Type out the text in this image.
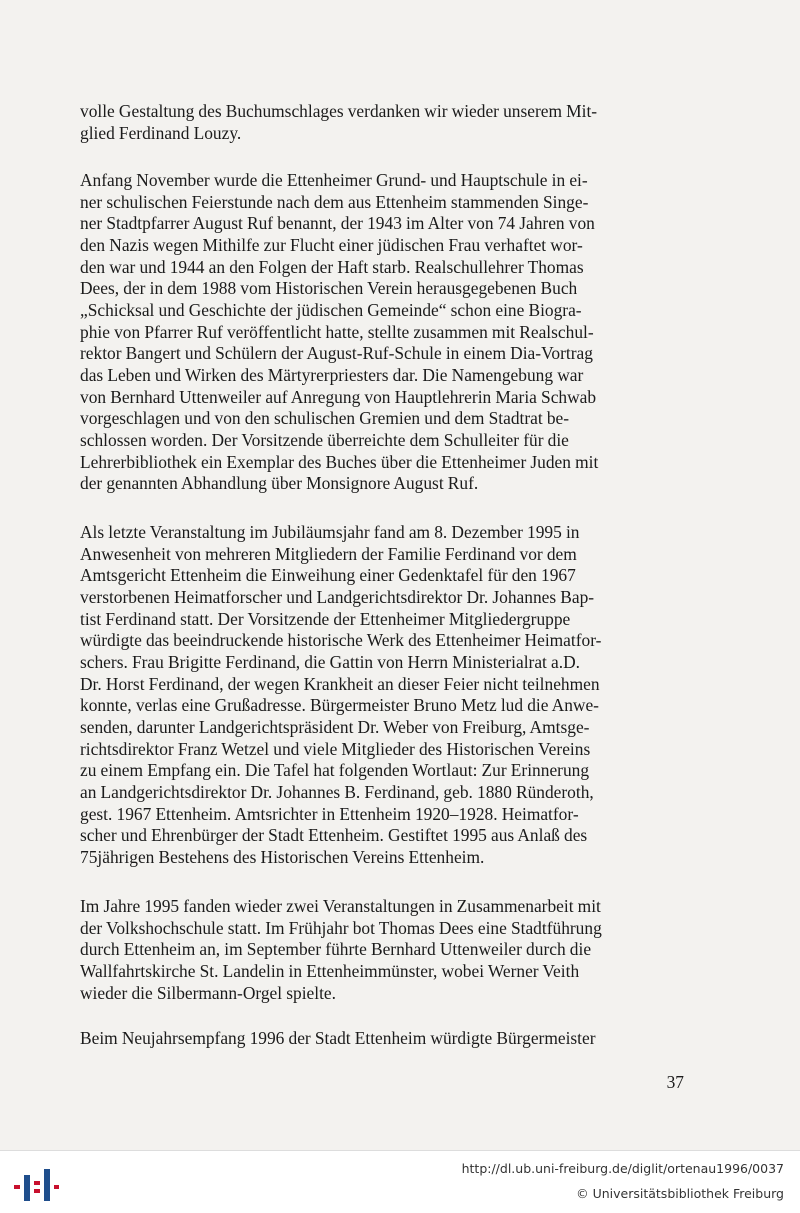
volle Gestaltung des Buchumschlages verdanken wir wieder unserem Mit-
glied Ferdinand Louzy.

Anfang November wurde die Ettenheimer Grund- und Hauptschule in ei-
ner schulischen Feierstunde nach dem aus Ettenheim stammenden Singe-
ner Stadtpfarrer August Ruf benannt, der 1943 im Alter von 74 Jahren von
den Nazis wegen Mithilfe zur Flucht einer jüdischen Frau verhaftet wor-
den war und 1944 an den Folgen der Haft starb. Realschullehrer Thomas
Dees, der in dem 1988 vom Historischen Verein herausgegebenen Buch
„Schicksal und Geschichte der jüdischen Gemeinde“ schon eine Biogra-
phie von Pfarrer Ruf veröffentlicht hatte, stellte zusammen mit Realschul-
rektor Bangert und Schülern der August-Ruf-Schule in einem Dia-Vortrag
das Leben und Wirken des Märtyrerpriesters dar. Die Namengebung war
von Bernhard Uttenweiler auf Anregung von Hauptlehrerin Maria Schwab
vorgeschlagen und von den schulischen Gremien und dem Stadtrat be-
schlossen worden. Der Vorsitzende überreichte dem Schulleiter für die
Lehrerbibliothek ein Exemplar des Buches über die Ettenheimer Juden mit
der genannten Abhandlung über Monsignore August Ruf.

Als letzte Veranstaltung im Jubiläumsjahr fand am 8. Dezember 1995 in
Anwesenheit von mehreren Mitgliedern der Familie Ferdinand vor dem
Amtsgericht Ettenheim die Einweihung einer Gedenktafel für den 1967
verstorbenen Heimatforscher und Landgerichtsdirektor Dr. Johannes Bap-
tist Ferdinand statt. Der Vorsitzende der Ettenheimer Mitgliedergruppe
würdigte das beeindruckende historische Werk des Ettenheimer Heimatfor-
schers. Frau Brigitte Ferdinand, die Gattin von Herrn Ministerialrat a.D.
Dr. Horst Ferdinand, der wegen Krankheit an dieser Feier nicht teilnehmen
konnte, verlas eine Grußadresse. Bürgermeister Bruno Metz lud die Anwe-
senden, darunter Landgerichtspräsident Dr. Weber von Freiburg, Amtsge-
richtsdirektor Franz Wetzel und viele Mitglieder des Historischen Vereins
zu einem Empfang ein. Die Tafel hat folgenden Wortlaut: Zur Erinnerung
an Landgerichtsdirektor Dr. Johannes B. Ferdinand, geb. 1880 Ründeroth,
gest. 1967 Ettenheim. Amtsrichter in Ettenheim 1920–1928. Heimatfor-
scher und Ehrenbürger der Stadt Ettenheim. Gestiftet 1995 aus Anlaß des
75jährigen Bestehens des Historischen Vereins Ettenheim.

Im Jahre 1995 fanden wieder zwei Veranstaltungen in Zusammenarbeit mit
der Volkshochschule statt. Im Frühjahr bot Thomas Dees eine Stadtführung
durch Ettenheim an, im September führte Bernhard Uttenweiler durch die
Wallfahrtskirche St. Landelin in Ettenheimmünster, wobei Werner Veith
wieder die Silbermann-Orgel spielte.

Beim Neujahrsempfang 1996 der Stadt Ettenheim würdigte Bürgermeister

37
http://dl.ub.uni-freiburg.de/diglit/ortenau1996/0037
© Universitätsbibliothek Freiburg
